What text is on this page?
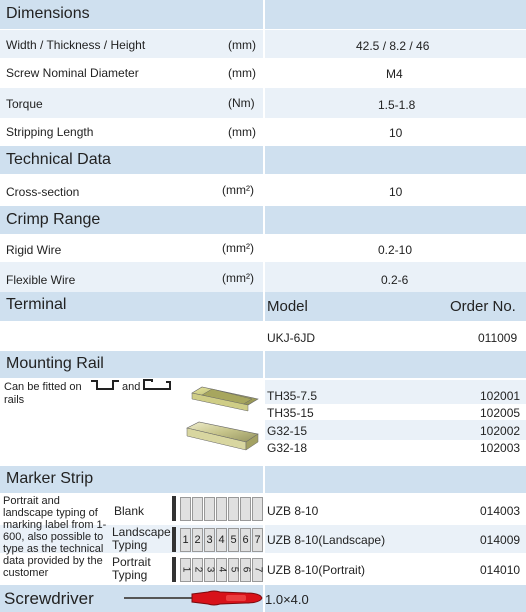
Dimensions
Width / Thickness / Height	(mm)	42.5 / 8.2 / 46
Screw Nominal Diameter	(mm)	M4
Torque	(Nm)	1.5-1.8
Stripping Length	(mm)	10
Technical Data
Cross-section	(mm²)	10
Crimp Range
Rigid Wire	(mm²)	0.2-10
Flexible Wire	(mm²)	0.2-6
Terminal	Model	Order No.
UKJ-6JD	011009
Mounting Rail
Can be fitted on	and
rails	TH35-7.5	102001
TH35-15	102005
G32-15	102002
G32-18	102003
Marker Strip
Portrait and
landscape typing of
marking label from 1-
600, also possible to
type as the technical
data provided by the
customer
Blank
Landscape
Typing
Portrait
Typing
1 2 3 4 5 6 7
1 2 3 4 5 6 7
UZB 8-10	014003
UZB 8-10(Landscape)	014009
UZB 8-10(Portrait)	014010
Screwdriver	1.0×4.0
